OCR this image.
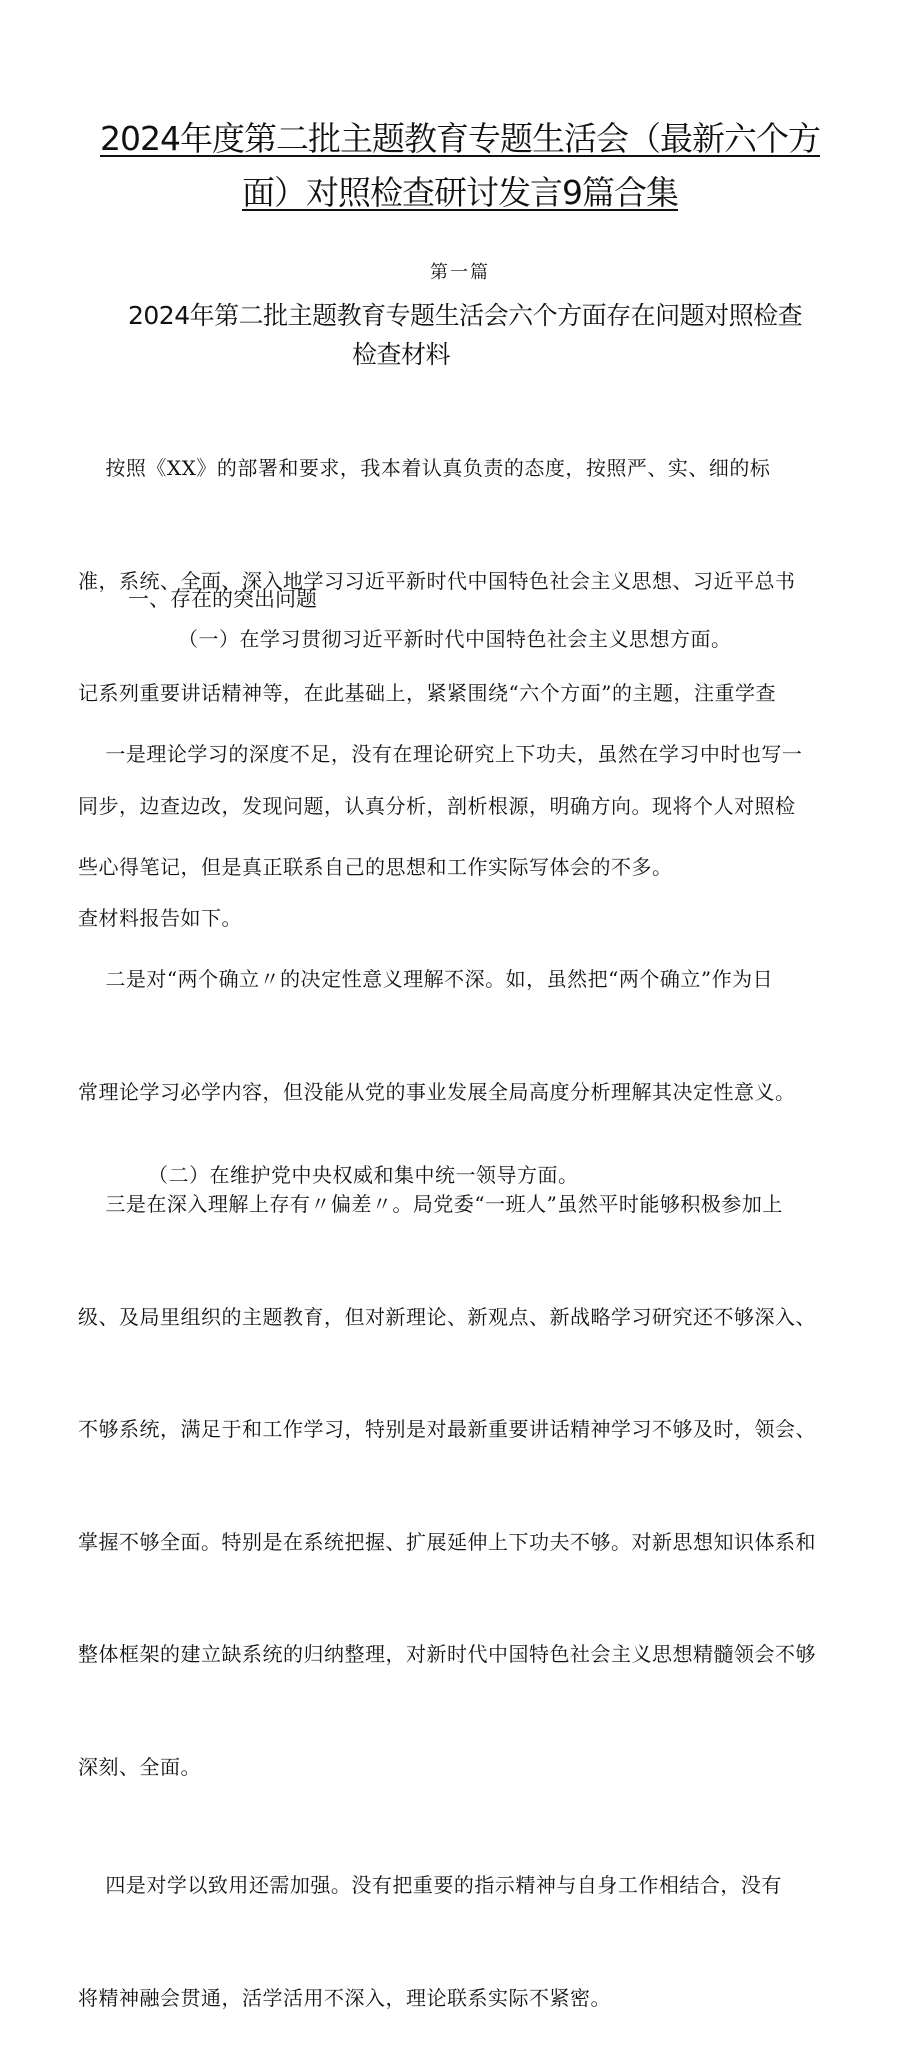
2024年度第二批主题教育专题生活会（最新六个方
面）对照检查研讨发言9篇合集
第一篇
2024年第二批主题教育专题生活会六个方面存在问题对照检查
检查材料

按照《XX》的部署和要求，我本着认真负责的态度，按照严、实、细的标

准，系统、全面、深入地学习习近平新时代中国特色社会主义思想、习近平总书

记系列重要讲话精神等，在此基础上，紧紧围绕“六个方面”的主题，注重学查

同步，边查边改，发现问题，认真分析，剖析根源，明确方向。现将个人对照检

查材料报告如下。

一、存在的突出问题
（一）在学习贯彻习近平新时代中国特色社会主义思想方面。

一是理论学习的深度不足，没有在理论研究上下功夫，虽然在学习中时也写一

些心得笔记，但是真正联系自己的思想和工作实际写体会的不多。

二是对“两个确立〃的决定性意义理解不深。如，虽然把“两个确立”作为日

常理论学习必学内容，但没能从党的事业发展全局高度分析理解其决定性意义。

三是在深入理解上存有〃偏差〃。局党委“一班人”虽然平时能够积极参加上

级、及局里组织的主题教育，但对新理论、新观点、新战略学习研究还不够深入、

不够系统，满足于和工作学习，特别是对最新重要讲话精神学习不够及时，领会、

掌握不够全面。特别是在系统把握、扩展延伸上下功夫不够。对新思想知识体系和

整体框架的建立缺系统的归纳整理，对新时代中国特色社会主义思想精髓领会不够

深刻、全面。

四是对学以致用还需加强。没有把重要的指示精神与自身工作相结合，没有

将精神融会贯通，活学活用不深入，理论联系实际不紧密。

（二）在维护党中央权威和集中统一领导方面。
